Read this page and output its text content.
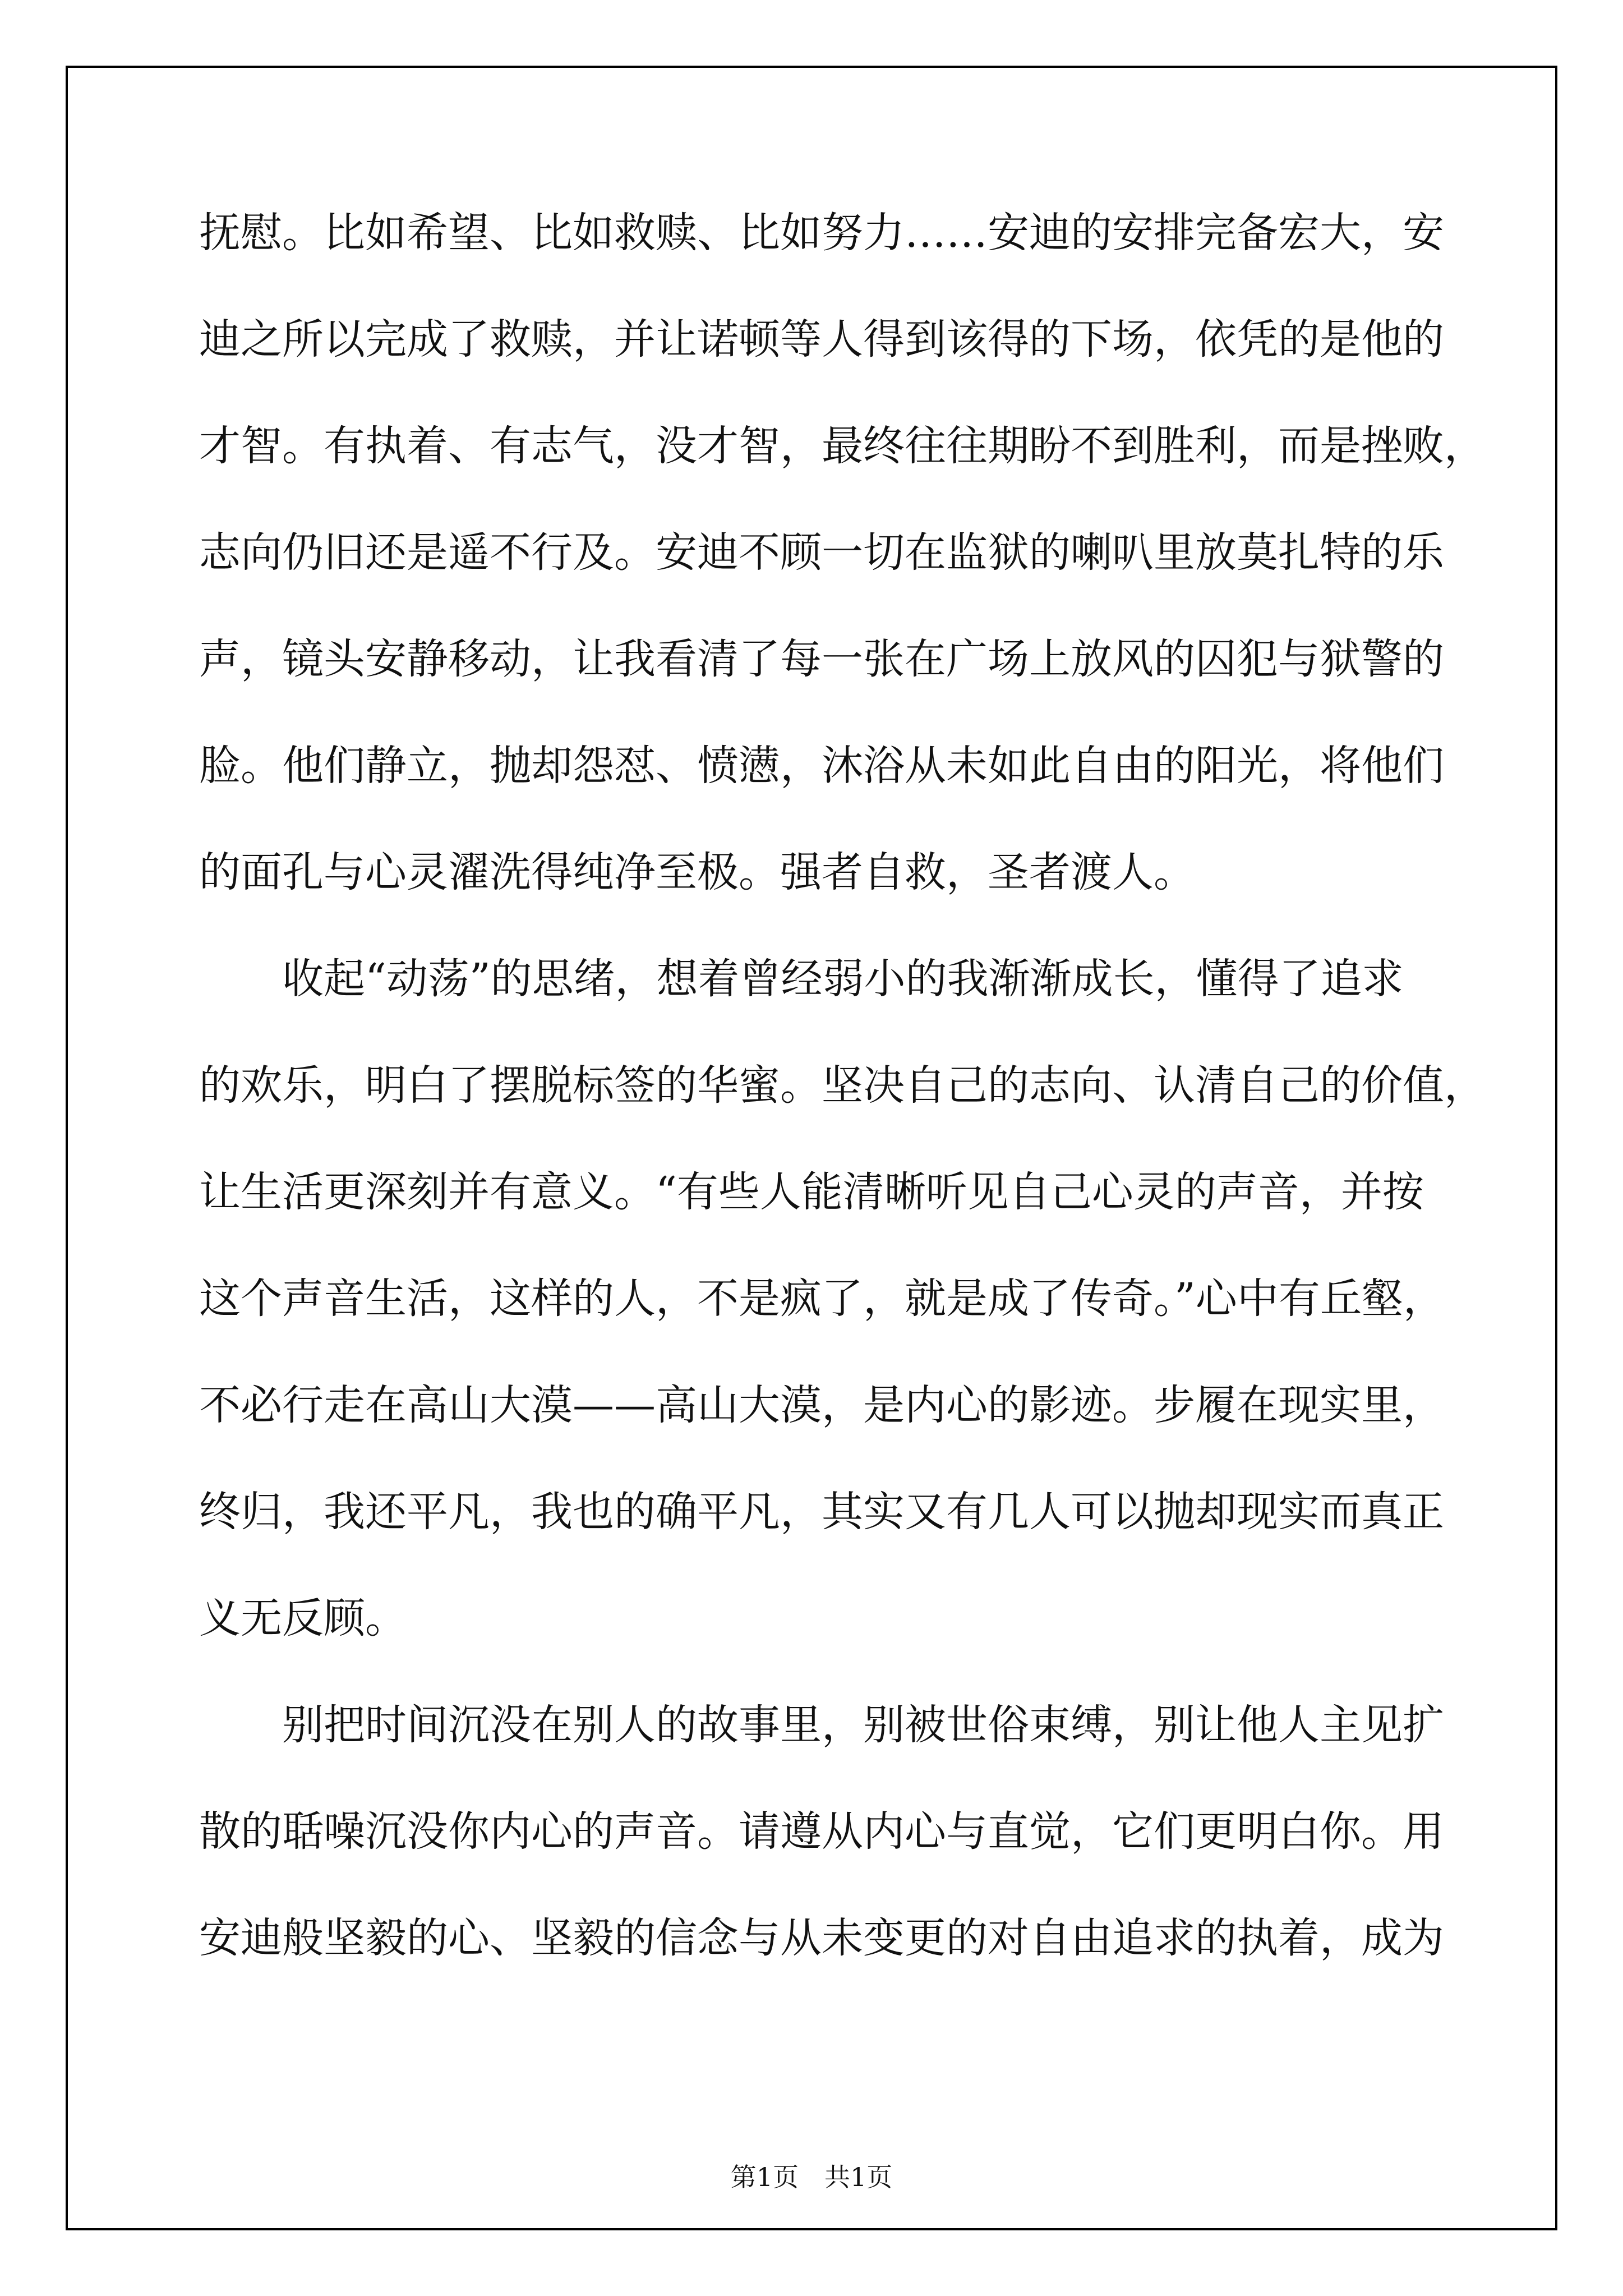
抚慰。比如希望、比如救赎、比如努力……安迪的安排完备宏大，安
迪之所以完成了救赎，并让诺顿等人得到该得的下场，依凭的是他的
才智。有执着、有志气，没才智，最终往往期盼不到胜利，而是挫败，
志向仍旧还是遥不行及。安迪不顾一切在监狱的喇叭里放莫扎特的乐
声，镜头安静移动，让我看清了每一张在广场上放风的囚犯与狱警的
脸。他们静立，抛却怨怼、愤懑，沐浴从未如此自由的阳光，将他们
的面孔与心灵濯洗得纯净至极。强者自救，圣者渡人。
　　收起“动荡”的思绪，想着曾经弱小的我渐渐成长，懂得了追求
的欢乐，明白了摆脱标签的华蜜。坚决自己的志向、认清自己的价值，
让生活更深刻并有意义。“有些人能清晰听见自己心灵的声音，并按
这个声音生活，这样的人，不是疯了，就是成了传奇。”心中有丘壑，
不必行走在高山大漠——高山大漠，是内心的影迹。步履在现实里，
终归，我还平凡，我也的确平凡，其实又有几人可以抛却现实而真正
义无反顾。
　　别把时间沉没在别人的故事里，别被世俗束缚，别让他人主见扩
散的聒噪沉没你内心的声音。请遵从内心与直觉，它们更明白你。用
安迪般坚毅的心、坚毅的信念与从未变更的对自由追求的执着，成为
第1页　共1页
